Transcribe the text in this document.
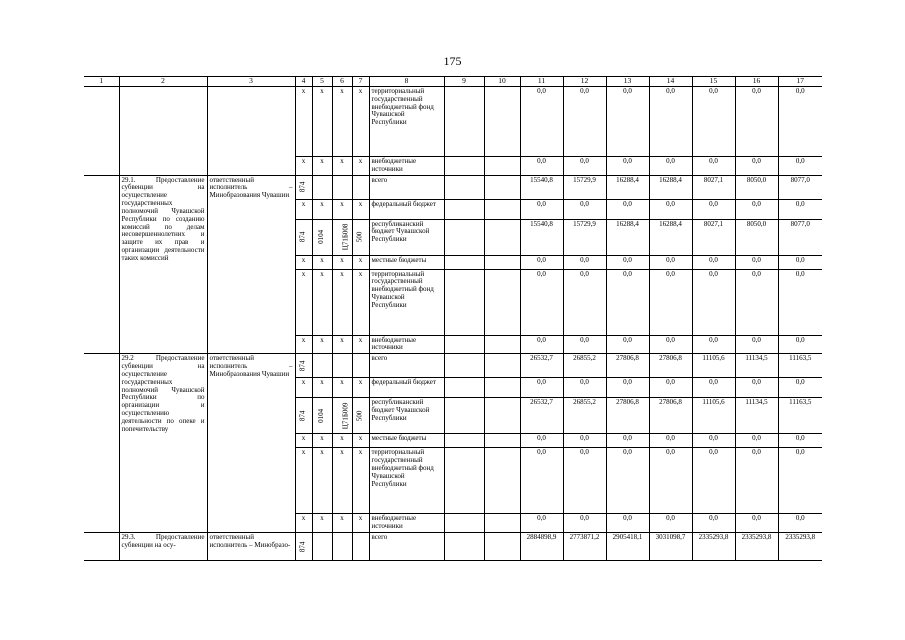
175
1	2	3	4	5	6	7	8	9	10	11	12	13	14	15	16	17
			x	x	x	x	территориальный государственный внебюджетный фонд Чувашской Республики			0,0	0,0	0,0	0,0	0,0	0,0	0,0
			x	x	x	x	внебюджетные источники			0,0	0,0	0,0	0,0	0,0	0,0	0,0
	29.1. Предоставление субвенции на осуществление государственных полномочий Чувашской Республики по созданию комиссий по делам несовершеннолетних и защите их прав и организации деятельности таких комиссий	ответственный исполнитель – Минобразования Чувашии	874				всего			15540,8	15729,9	16288,4	16288,4	8027,1	8050,0	8077,0
			x	x	x	x	федеральный бюджет			0,0	0,0	0,0	0,0	0,0	0,0	0,0
			874	0104	Ц71Б008	500	республиканский бюджет Чувашской Республики			15540,8	15729,9	16288,4	16288,4	8027,1	8050,0	8077,0
			x	x	x	x	местные бюджеты			0,0	0,0	0,0	0,0	0,0	0,0	0,0
			x	x	x	x	территориальный государственный внебюджетный фонд Чувашской Республики			0,0	0,0	0,0	0,0	0,0	0,0	0,0
			x	x	x	x	внебюджетные источники			0,0	0,0	0,0	0,0	0,0	0,0	0,0
	29.2 Предоставление субвенции на осуществление государственных полномочий Чувашской Республики по организации и осуществлению деятельности по опеке и попечительству	ответственный исполнитель – Минобразования Чувашии	874				всего			26532,7	26855,2	27806,8	27806,8	11105,6	11134,5	11163,5
			x	x	x	x	федеральный бюджет			0,0	0,0	0,0	0,0	0,0	0,0	0,0
			874	0104	Ц71Б009	500	республиканский бюджет Чувашской Республики			26532,7	26855,2	27806,8	27806,8	11105,6	11134,5	11163,5
			x	x	x	x	местные бюджеты			0,0	0,0	0,0	0,0	0,0	0,0	0,0
			x	x	x	x	территориальный государственный внебюджетный фонд Чувашской Республики			0,0	0,0	0,0	0,0	0,0	0,0	0,0
			x	x	x	x	внебюджетные источники			0,0	0,0	0,0	0,0	0,0	0,0	0,0
	29.3. Предоставление субвенции на осу-	ответственный исполнитель – Минобразо-	874				всего			2884898,9	2773871,2	2905418,1	3031098,7	2335293,8	2335293,8	2335293,8
